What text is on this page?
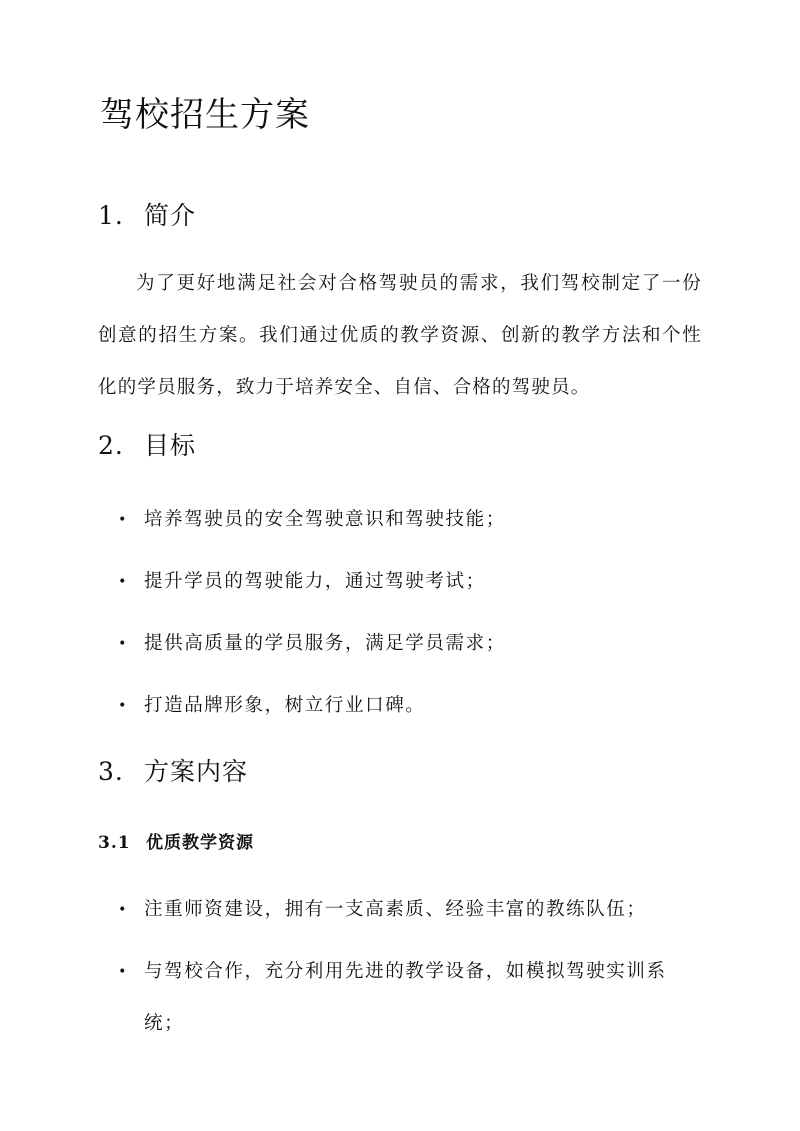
驾校招生方案
1. 简介

为了更好地满足社会对合格驾驶员的需求，我们驾校制定了一份创意的招生方案。我们通过优质的教学资源、创新的教学方法和个性化的学员服务，致力于培养安全、自信、合格的驾驶员。

2. 目标
• 培养驾驶员的安全驾驶意识和驾驶技能；
• 提升学员的驾驶能力，通过驾驶考试；
• 提供高质量的学员服务，满足学员需求；
• 打造品牌形象，树立行业口碑。
3. 方案内容
3.1 优质教学资源
• 注重师资建设，拥有一支高素质、经验丰富的教练队伍；
• 与驾校合作，充分利用先进的教学设备，如模拟驾驶实训系统；
